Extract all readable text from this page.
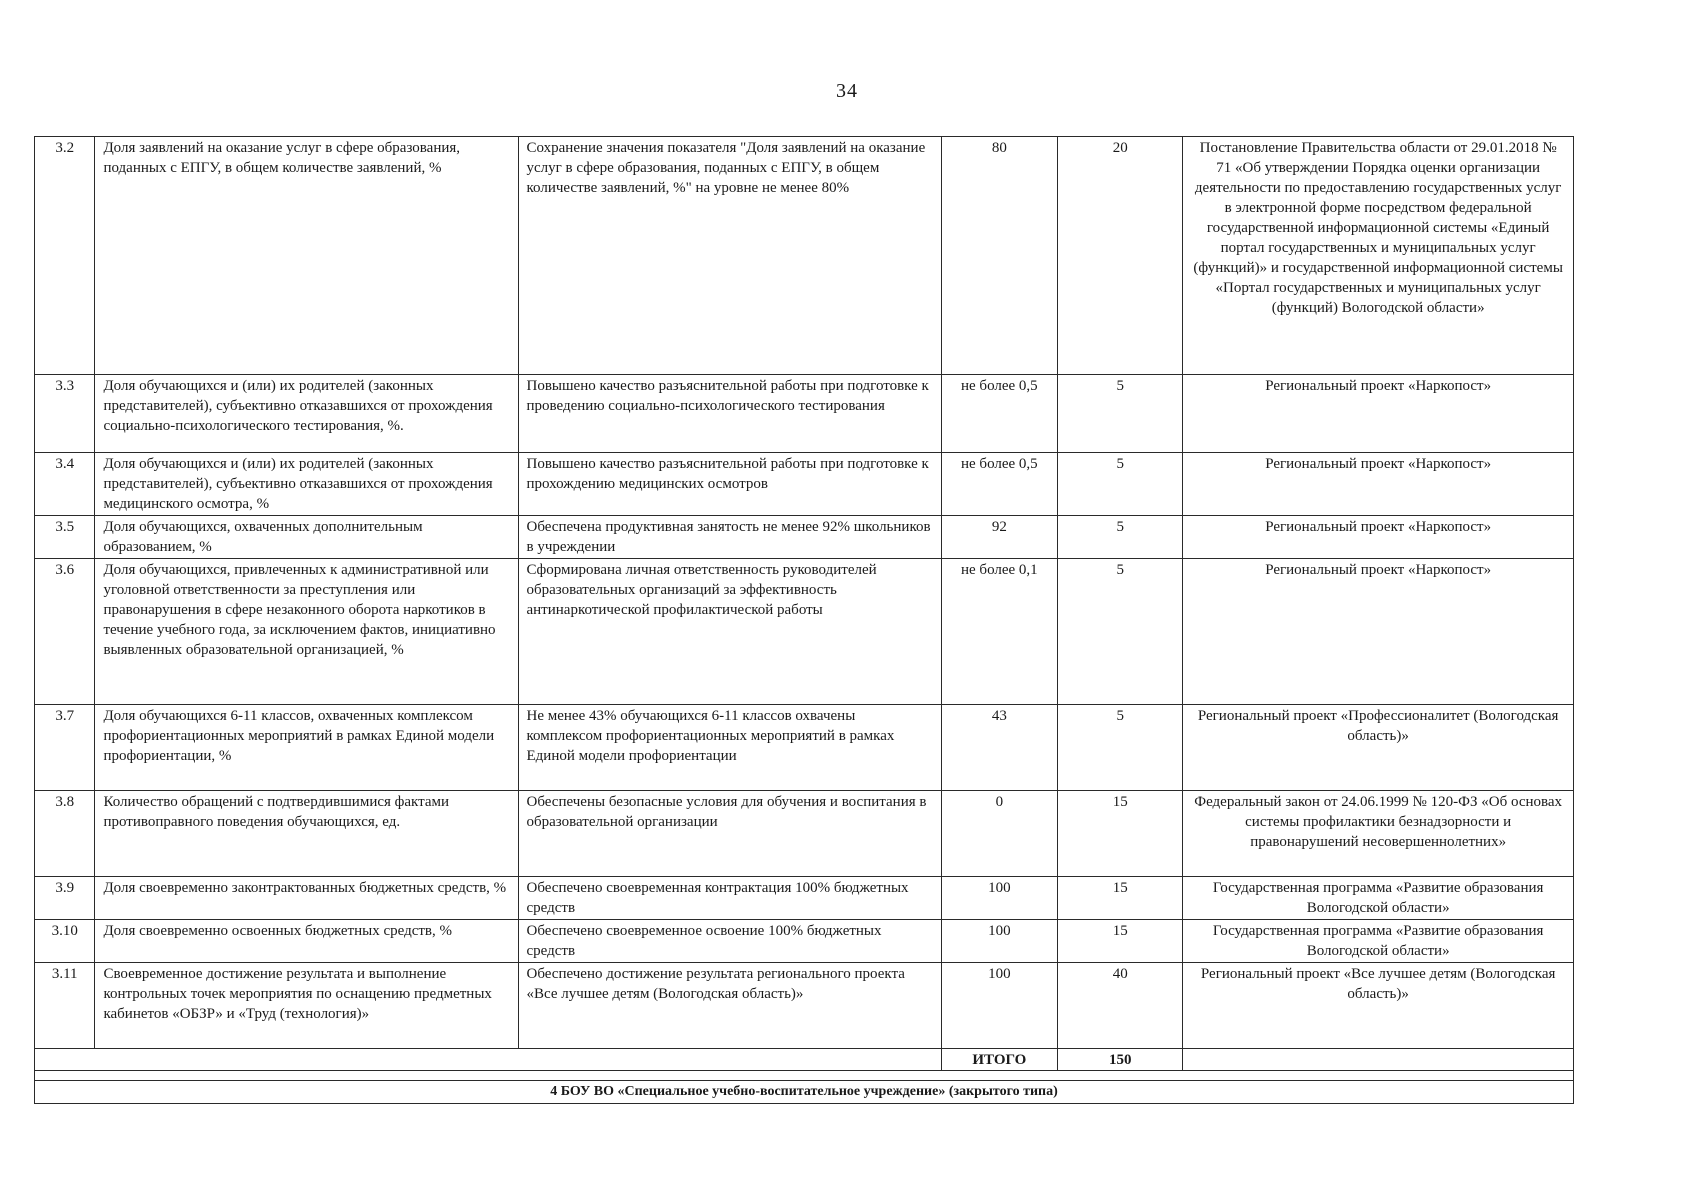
34
3.2	Доля заявлений на оказание услуг в сфере образования, поданных с ЕПГУ, в общем количестве заявлений, %	Сохранение значения показателя "Доля заявлений на оказание услуг в сфере образования, поданных с ЕПГУ, в общем количестве заявлений, %" на уровне не менее 80%	80	20	Постановление Правительства области от 29.01.2018 № 71 «Об утверждении Порядка оценки организации деятельности по предоставлению государственных услуг в электронной форме посредством федеральной государственной информационной системы «Единый портал государственных и муниципальных услуг (функций)» и государственной информационной системы «Портал государственных и муниципальных услуг (функций) Вологодской области»
3.3	Доля обучающихся и (или) их родителей (законных представителей), субъективно отказавшихся от прохождения социально-психологического тестирования, %.	Повышено качество разъяснительной работы при подготовке к проведению социально-психологического тестирования	не более 0,5	5	Региональный проект «Наркопост»
3.4	Доля обучающихся и (или) их родителей (законных представителей), субъективно отказавшихся от прохождения медицинского осмотра, %	Повышено качество разъяснительной работы при подготовке к прохождению медицинских осмотров	не более 0,5	5	Региональный проект «Наркопост»
3.5	Доля обучающихся, охваченных дополнительным образованием, %	Обеспечена продуктивная занятость не менее 92% школьников в учреждении	92	5	Региональный проект «Наркопост»
3.6	Доля обучающихся, привлеченных к административной или уголовной ответственности за преступления или правонарушения в сфере незаконного оборота наркотиков в течение учебного года, за исключением фактов, инициативно выявленных образовательной организацией, %	Сформирована личная ответственность руководителей образовательных организаций за эффективность антинаркотической профилактической работы	не более 0,1	5	Региональный проект «Наркопост»
3.7	Доля обучающихся 6-11 классов, охваченных комплексом профориентационных мероприятий в рамках Единой модели профориентации, %	Не менее 43% обучающихся 6-11 классов охвачены комплексом профориентационных мероприятий в рамках Единой модели профориентации	43	5	Региональный проект «Профессионалитет (Вологодская область)»
3.8	Количество обращений с подтвердившимися фактами противоправного поведения обучающихся, ед.	Обеспечены безопасные условия для обучения и воспитания в образовательной организации	0	15	Федеральный закон от 24.06.1999 № 120-ФЗ «Об основах системы профилактики безнадзорности и правонарушений несовершеннолетних»
3.9	Доля своевременно законтрактованных бюджетных средств, %	Обеспечено своевременная контрактация 100% бюджетных средств	100	15	Государственная программа «Развитие образования Вологодской области»
3.10	Доля своевременно освоенных бюджетных средств, %	Обеспечено своевременное освоение 100% бюджетных средств	100	15	Государственная программа «Развитие образования Вологодской области»
3.11	Своевременное достижение результата и выполнение контрольных точек мероприятия по оснащению предметных кабинетов «ОБЗР» и «Труд (технология)»	Обеспечено достижение результата регионального проекта «Все лучшее детям (Вологодская область)»	100	40	Региональный проект «Все лучшее детям (Вологодская область)»
			ИТОГО	150	

4 БОУ ВО «Специальное учебно-воспитательное учреждение» (закрытого типа)					
